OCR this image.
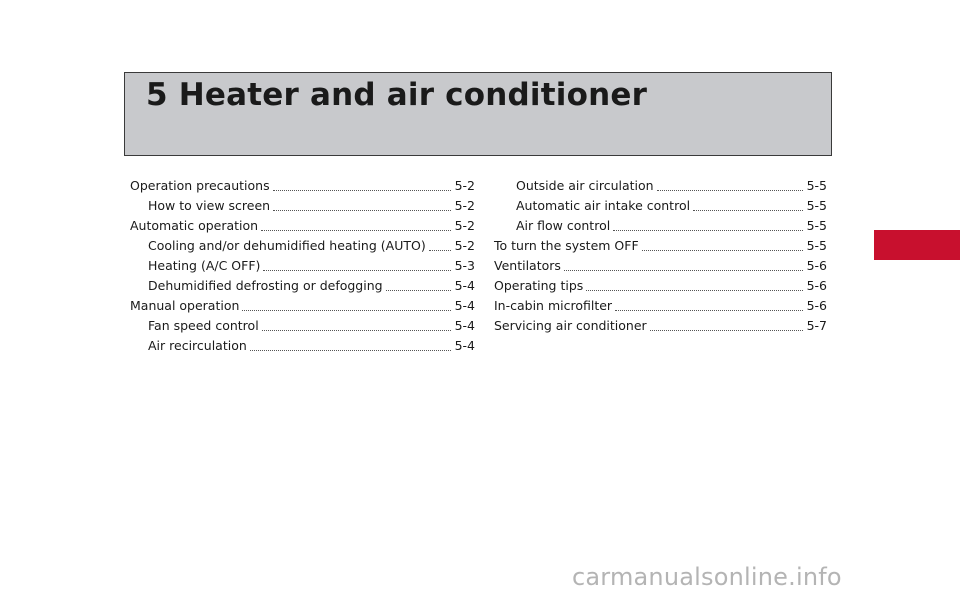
5 Heater and air conditioner
Operation precautions	5-2
How to view screen	5-2
Automatic operation	5-2
Cooling and/or dehumidified heating (AUTO) 5-2
Heating (A/C OFF)	5-3
Dehumidified defrosting or defogging	5-4
Manual operation	5-4
Fan speed control	5-4
Air recirculation	5-4
Outside air circulation	5-5
Automatic air intake control	5-5
Air flow control	5-5
To turn the system OFF	5-5
Ventilators	5-6
Operating tips	5-6
In-cabin microfilter	5-6
Servicing air conditioner	5-7
carmanualsonline.info
